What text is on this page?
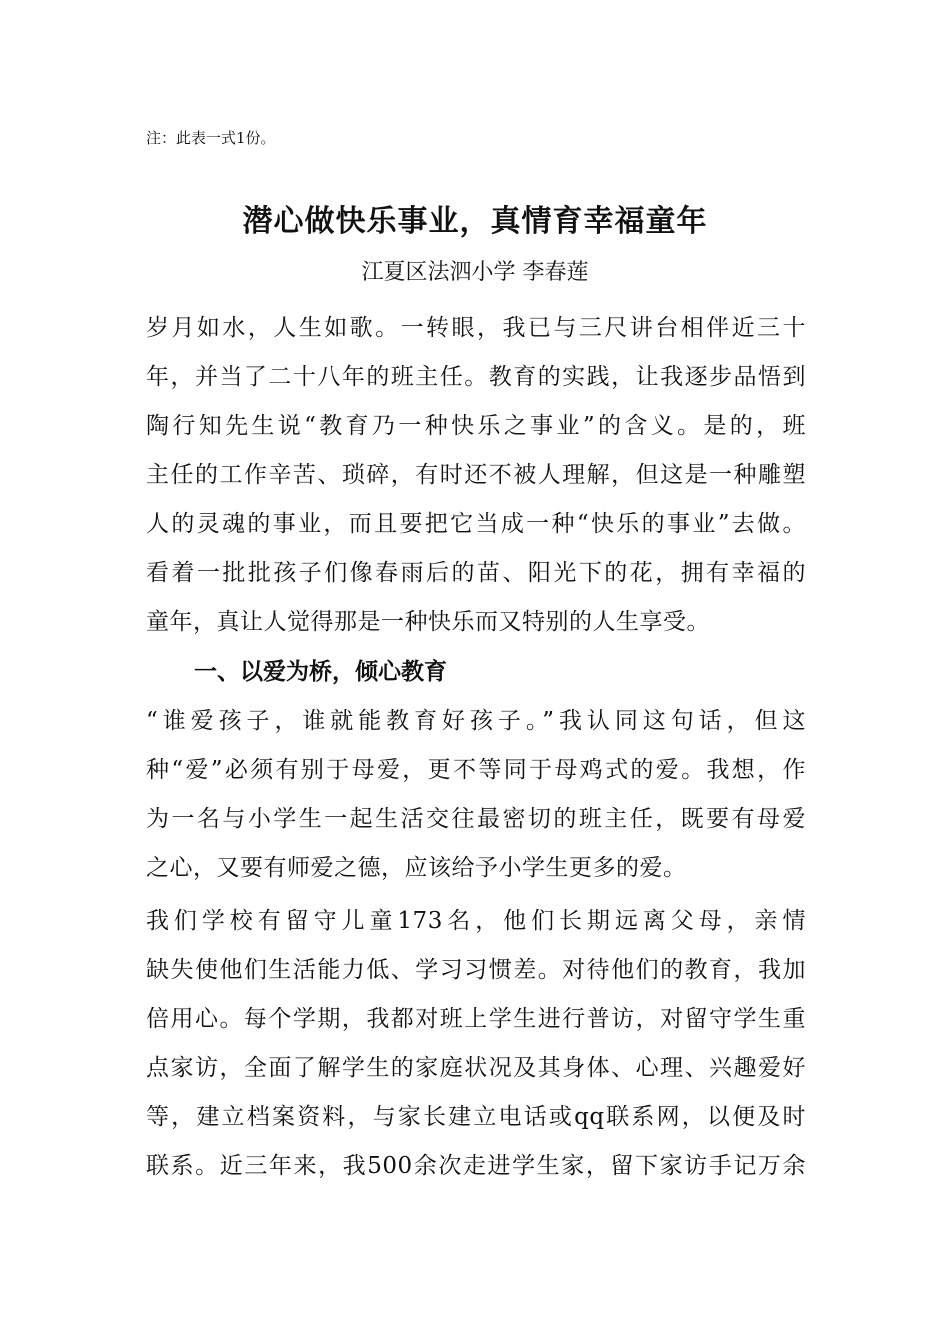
注：此表一式1份。
潜心做快乐事业，真情育幸福童年
江夏区法泗小学 李春莲
岁月如水，人生如歌。一转眼，我已与三尺讲台相伴近三十
年，并当了二十八年的班主任。教育的实践，让我逐步品悟到
陶行知先生说“教育乃一种快乐之事业”的含义。是的，班
主任的工作辛苦、琐碎，有时还不被人理解，但这是一种雕塑
人的灵魂的事业，而且要把它当成一种“快乐的事业”去做。
看着一批批孩子们像春雨后的苗、阳光下的花，拥有幸福的
童年，真让人觉得那是一种快乐而又特别的人生享受。
一、以爱为桥，倾心教育
“谁爱孩子，谁就能教育好孩子。”我认同这句话，但这
种“爱”必须有别于母爱，更不等同于母鸡式的爱。我想，作
为一名与小学生一起生活交往最密切的班主任，既要有母爱
之心，又要有师爱之德，应该给予小学生更多的爱。
我们学校有留守儿童173名，他们长期远离父母，亲情
缺失使他们生活能力低、学习习惯差。对待他们的教育，我加
倍用心。每个学期，我都对班上学生进行普访，对留守学生重
点家访，全面了解学生的家庭状况及其身体、心理、兴趣爱好
等，建立档案资料，与家长建立电话或qq联系网，以便及时
联系。近三年来，我500余次走进学生家，留下家访手记万余
